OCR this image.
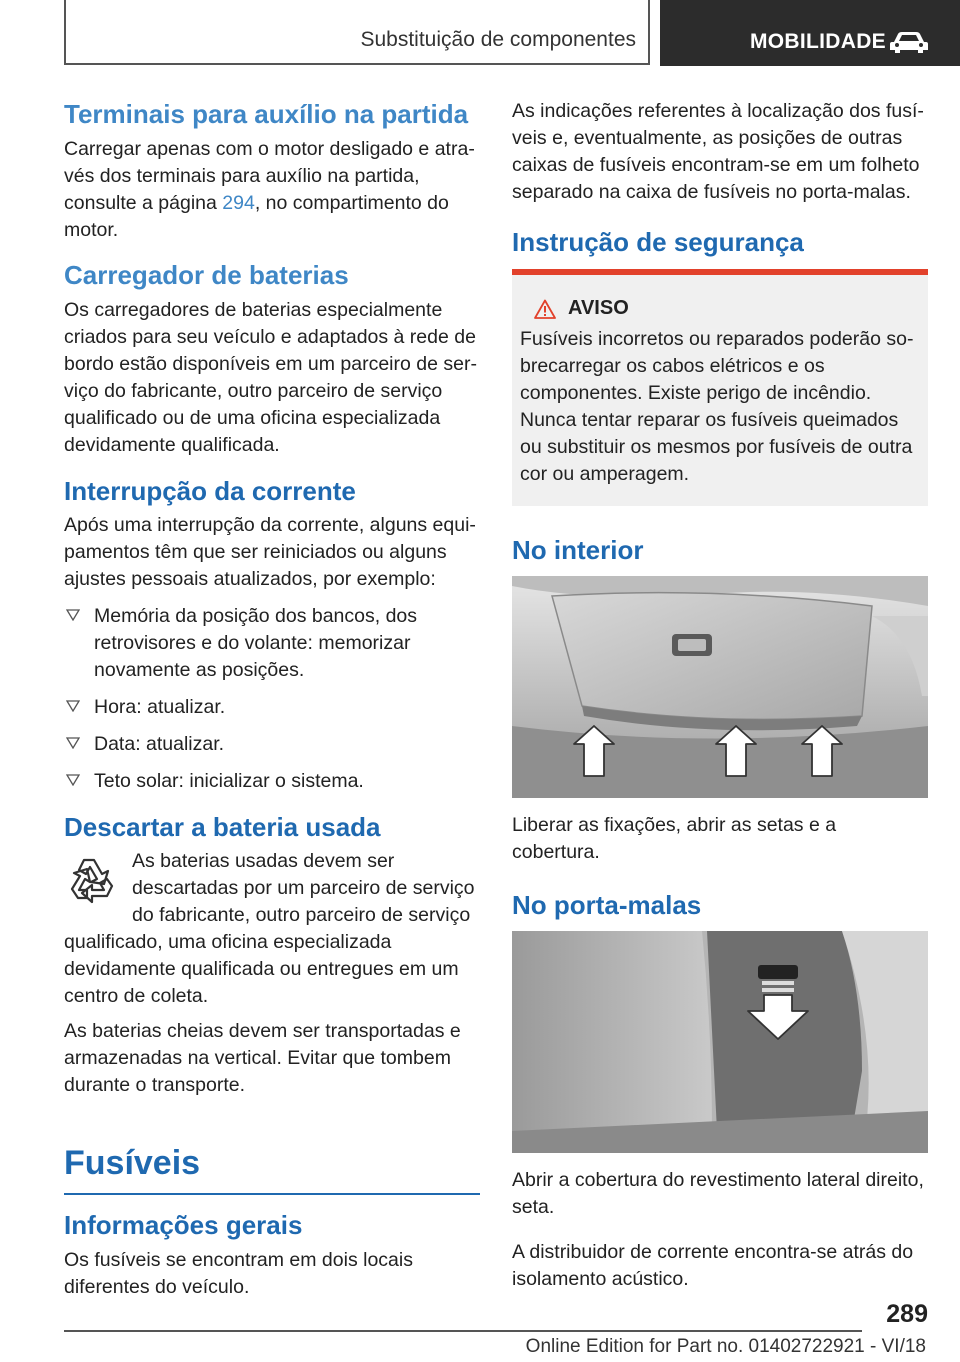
Substituição de componentes	MOBILIDADE
Terminais para auxílio na partida

Carregar apenas com o motor desligado e através dos terminais para auxílio na partida, consulte a página 294, no compartimento do motor.

Carregador de baterias

Os carregadores de baterias especialmente criados para seu veículo e adaptados à rede de bordo estão disponíveis em um parceiro de serviço do fabricante, outro parceiro de serviço qualificado ou de uma oficina especializada devidamente qualificada.

Interrupção da corrente

Após uma interrupção da corrente, alguns equipamentos têm que ser reiniciados ou alguns ajustes pessoais atualizados, por exemplo:

Memória da posição dos bancos, dos retrovisores e do volante: memorizar novamente as posições.
Hora: atualizar.
Data: atualizar.
Teto solar: inicializar o sistema.
Descartar a bateria usada

As baterias usadas devem ser descartadas por um parceiro de serviço do fabricante, outro parceiro de serviço qualificado, uma oficina especializada devidamente qualificada ou entregues em um centro de coleta.

As baterias cheias devem ser transportadas e armazenadas na vertical. Evitar que tombem durante o transporte.

Fusíveis
Informações gerais

Os fusíveis se encontram em dois locais diferentes do veículo.

As indicações referentes à localização dos fusíveis e, eventualmente, as posições de outras caixas de fusíveis encontram-se em um folheto separado na caixa de fusíveis no porta-malas.

Instrução de segurança
AVISO

Fusíveis incorretos ou reparados poderão sobrecarregar os cabos elétricos e os componentes. Existe perigo de incêndio. Nunca tentar reparar os fusíveis queimados ou substituir os mesmos por fusíveis de outra cor ou amperagem.

No interior

Liberar as fixações, abrir as setas e a cobertura.

No porta-malas

Abrir a cobertura do revestimento lateral direito, seta.

A distribuidor de corrente encontra-se atrás do isolamento acústico.

289
Online Edition for Part no. 01402722921 - VI/18
